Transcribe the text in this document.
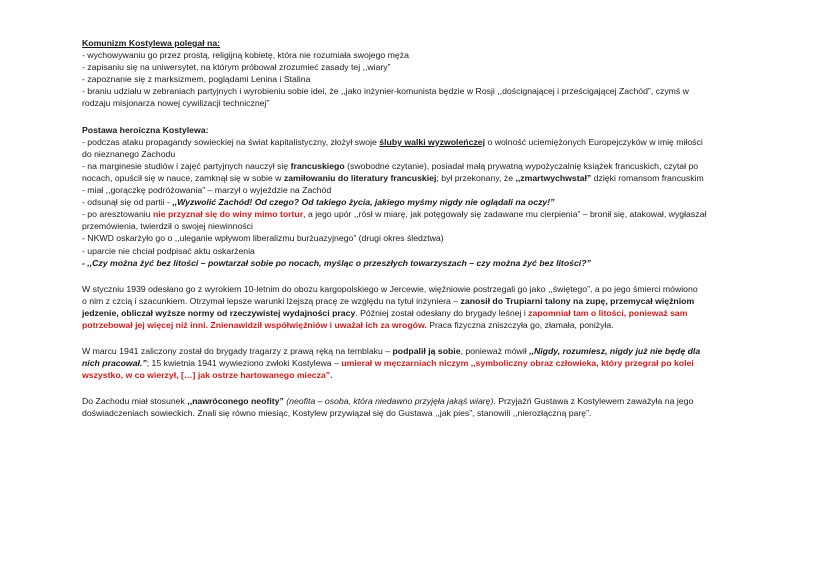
Komunizm Kostylewa polegał na:

- wychowywaniu go przez prostą, religijną kobietę, która nie rozumiała swojego męża

- zapisaniu się na uniwersytet, na którym próbował zrozumieć zasady tej ,,wiary”

- zapoznanie się z marksizmem, poglądami Lenina i Stalina

- braniu udziału w zebraniach partyjnych i wyrobieniu sobie idei, że ,,jako inżynier-komunista będzie w Rosji ,,doścignającej i prześcigającej Zachód”, czymś w

rodzaju misjonarza nowej cywilizacji technicznej”

Postawa heroiczna Kostylewa:

- podczas ataku propagandy sowieckiej na świat kapitalistyczny, złożył swoje śluby walki wyzwoleńczej o wolność uciemiężonych Europejczyków w imię miłości

do nieznanego Zachodu

- na marginesie studiów i zajęć partyjnych nauczył się francuskiego (swobodne czytanie), posiadał małą prywatną wypożyczalnię książek francuskich, czytał po

nocach, opuścił się w nauce, zamknął się w sobie w zamiłowaniu do literatury francuskiej; był przekonany, że ,,zmartwychwstał” dzięki romansom francuskim

- miał ,,gorączkę podróżowania” – marzył o wyjeździe na Zachód

- odsunął się od partii - ,,Wyzwolić Zachód! Od czego? Od takiego życia, jakiego myśmy nigdy nie oglądali na oczy!”

- po aresztowaniu nie przyznał się do winy mimo tortur, a jego upór ,,rósł w miarę, jak potęgowały się zadawane mu cierpienia” – bronił się, atakował, wygłaszał

przemówienia, twierdził o swojej niewinności

- NKWD oskarżyło go o ,,uleganie wpływom liberalizmu burżuazyjnego” (drugi okres śledztwa)

- uparcie nie chciał podpisać aktu oskarżenia

- ,,Czy można żyć bez litości – powtarzał sobie po nocach, myśląc o przeszłych towarzyszach – czy można żyć bez litości?”

W styczniu 1939 odesłano go z wyrokiem 10-letnim do obozu kargopolskiego w Jercewie, więźniowie postrzegali go jako ,,świętego”, a po jego śmierci mówiono

o nim z czcią i szacunkiem. Otrzymał lepsze warunki lżejszą pracę ze względu na tytuł inżyniera – zanosił do Trupiarni talony na zupę, przemycał więźniom

jedzenie, obliczał wyższe normy od rzeczywistej wydajności pracy. Później został odesłany do brygady leśnej i zapomniał tam o litości, ponieważ sam

potrzebował jej więcej niż inni. Znienawidził współwięźniów i uważał ich za wrogów. Praca fizyczna zniszczyła go, złamała, poniżyła.

W marcu 1941 zaliczony został do brygady tragarzy z prawą ręką na temblaku – podpalił ją sobie, ponieważ mówił ,,Nigdy, rozumiesz, nigdy już nie będę dla

nich pracował.”; 15 kwietnia 1941 wywieziono zwłoki Kostylewa – umierał w męczarniach niczym ,,symboliczny obraz człowieka, który przegrał po kolei

wszystko, w co wierzył, […] jak ostrze hartowanego miecza”.

Do Zachodu miał stosunek ,,nawróconego neofity” (neofita – osoba, która niedawno przyjęła jakąś wiarę). Przyjaźń Gustawa z Kostylewem zaważyła na jego

doświadczeniach sowieckich. Znali się równo miesiąc, Kostylew przywiązał się do Gustawa ,,jak pies”, stanowili ,,nierozłączną parę”.
